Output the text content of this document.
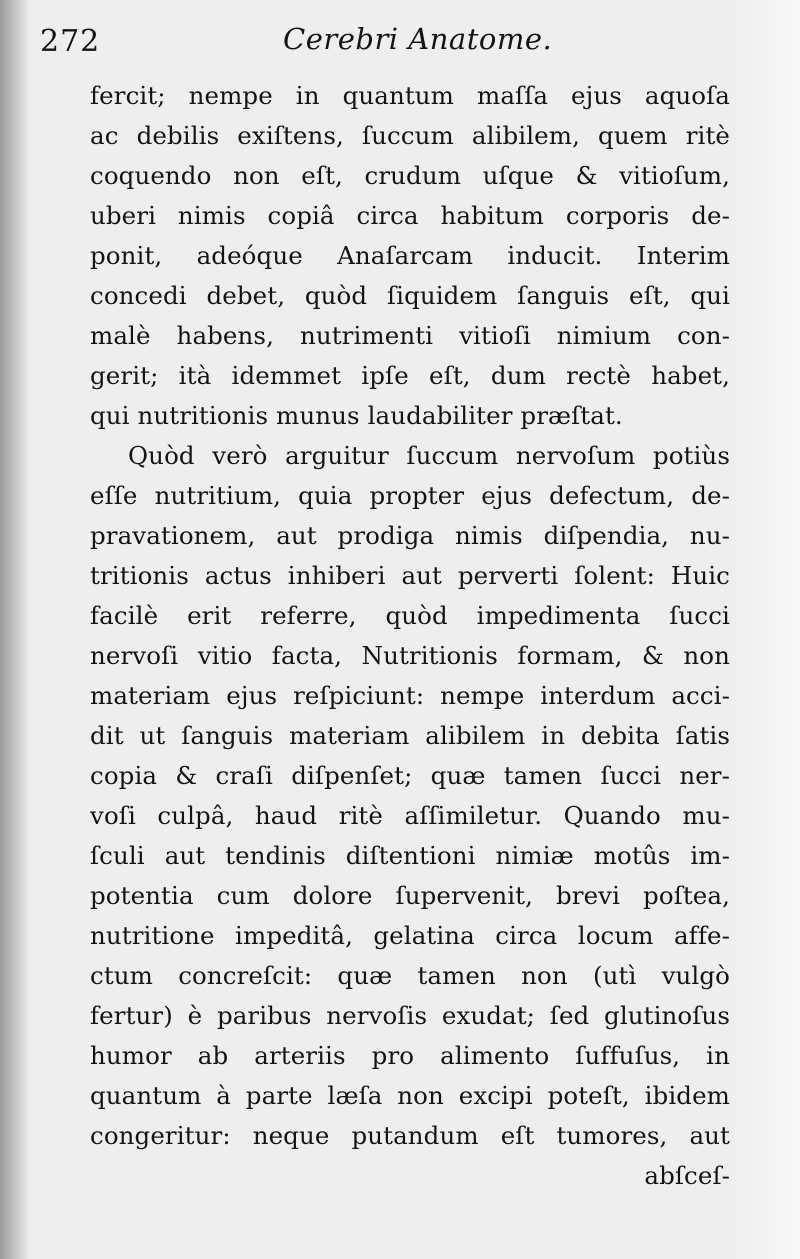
272	Cerebri Anatome.
fercit; nempe in quantum maſſa ejus aquoſa
ac debilis exiſtens, ſuccum alibilem, quem ritè
coquendo non eſt, crudum uſque & vitioſum,
uberi nimis copiâ circa habitum corporis de-
ponit, adeóque Anaſarcam inducit. Interim
concedi debet, quòd ſiquidem ſanguis eſt, qui
malè habens, nutrimenti vitioſi nimium con-
gerit; ità idemmet ipſe eſt, dum rectè habet,
qui nutritionis munus laudabiliter præſtat.
Quòd verò arguitur ſuccum nervoſum potiùs
eſſe nutritium, quia propter ejus defectum, de-
pravationem, aut prodiga nimis diſpendia, nu-
tritionis actus inhiberi aut perverti ſolent: Huic
facilè erit referre, quòd impedimenta ſucci
nervoſi vitio facta, Nutritionis formam, & non
materiam ejus reſpiciunt: nempe interdum acci-
dit ut ſanguis materiam alibilem in debita ſatis
copia & craſi diſpenſet; quæ tamen ſucci ner-
voſi culpâ, haud ritè aſſimiletur. Quando mu-
ſculi aut tendinis diſtentioni nimiæ motûs im-
potentia cum dolore ſupervenit, brevi poſtea,
nutritione impeditâ, gelatina circa locum affe-
ctum concreſcit: quæ tamen non (utì vulgò
fertur) è paribus nervoſis exudat; ſed glutinoſus
humor ab arteriis pro alimento ſuffuſus, in
quantum à parte læſa non excipi poteſt, ibidem
congeritur: neque putandum eſt tumores, aut
abſceſ-
